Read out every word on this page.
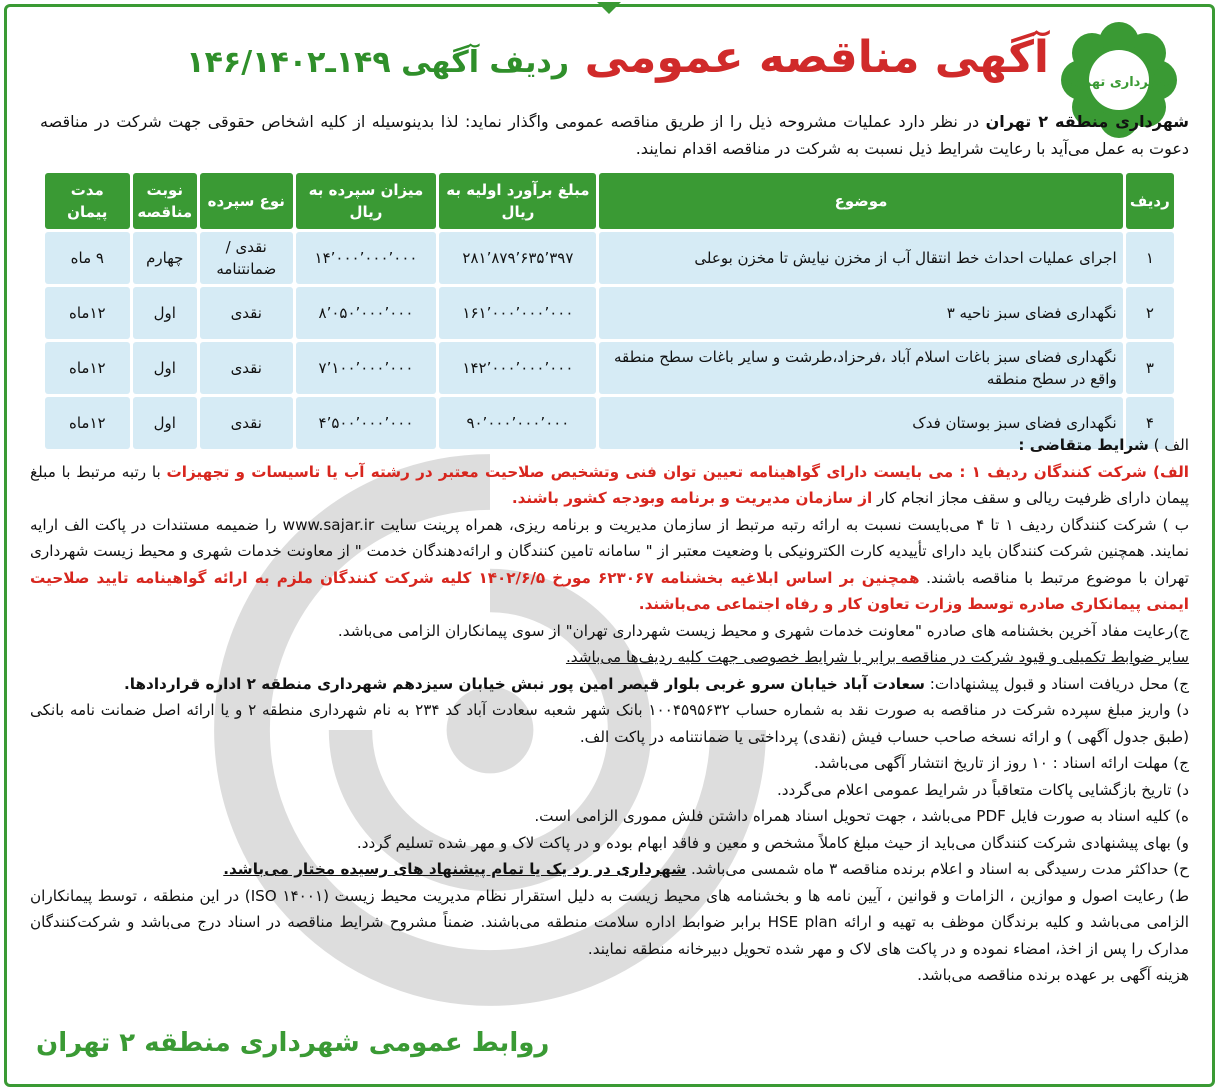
آگهی مناقصه عمومی ردیف آگهی ۱۴۹ـ۱۴۶/۱۴۰۲
شهرداری تهران
شهرداری منطقه ۲ تهران در نظر دارد عملیات مشروحه ذیل را از طریق مناقصه عمومی واگذار نماید: لذا بدینوسیله از کلیه اشخاص حقوقی جهت شرکت در مناقصه دعوت به عمل می‌آید با رعایت شرایط ذیل نسبت به شرکت در مناقصه اقدام نمایند.
ردیف	موضوع	مبلغ برآورد اولیه به ریال	میزان سپرده به ریال	نوع سپرده	نوبت مناقصه	مدت پیمان
۱	اجرای عملیات احداث خط انتقال آب از مخزن نیایش تا مخزن بوعلی	۲۸۱٬۸۷۹٬۶۳۵٬۳۹۷	۱۴٬۰۰۰٬۰۰۰٬۰۰۰	نقدی / ضمانتنامه	چهارم	۹ ماه
۲	نگهداری فضای سبز ناحیه ۳	۱۶۱٬۰۰۰٬۰۰۰٬۰۰۰	۸٬۰۵۰٬۰۰۰٬۰۰۰	نقدی	اول	۱۲ماه
۳	نگهداری فضای سبز باغات اسلام آباد ،فرحزاد،طرشت و سایر باغات سطح منطقه واقع در سطح منطقه	۱۴۲٬۰۰۰٬۰۰۰٬۰۰۰	۷٬۱۰۰٬۰۰۰٬۰۰۰	نقدی	اول	۱۲ماه
۴	نگهداری فضای سبز بوستان فدک	۹۰٬۰۰۰٬۰۰۰٬۰۰۰	۴٬۵۰۰٬۰۰۰٬۰۰۰	نقدی	اول	۱۲ماه

الف ) شرایط متقاضی :

الف) شرکت کنندگان ردیف ۱ : می بایست دارای گواهینامه تعیین توان فنی وتشخیص صلاحیت معتبر در رشته آب یا تاسیسات و تجهیزات با رتبه مرتبط با مبلغ پیمان دارای ظرفیت ریالی و سقف مجاز انجام کار از سازمان مدیریت و برنامه وبودجه کشور باشند.

ب ) شرکت کنندگان ردیف ۱ تا ۴ می‌بایست نسبت به ارائه رتبه مرتبط از سازمان مدیریت و برنامه ریزی، همراه پرینت سایت www.sajar.ir را ضمیمه مستندات در پاکت الف ارایه نمایند. همچنین شرکت کنندگان باید دارای تأییدیه کارت الکترونیکی با وضعیت معتبر از " سامانه تامین کنندگان و ارائه‌دهندگان خدمت " از معاونت خدمات شهری و محیط زیست شهرداری تهران با موضوع مرتبط با مناقصه باشند. همچنین بر اساس ابلاغیه بخشنامه ۶۲۳۰۶۷ مورخ ۱۴۰۲/۶/۵ کلیه شرکت کنندگان ملزم به ارائه گواهینامه تایید صلاحیت ایمنی پیمانکاری صادره توسط وزارت تعاون کار و رفاه اجتماعی می‌باشند.

ج)رعایت مفاد آخرین بخشنامه های صادره "معاونت خدمات شهری و محیط زیست شهرداری تهران" از سوی پیمانکاران الزامی می‌باشد.

سایر ضوابط تکمیلی و قیود شرکت در مناقصه برابر با شرایط خصوصی جهت کلیه ردیف‌ها می‌باشد.

ج) محل دریافت اسناد و قبول پیشنهادات: سعادت آباد خیابان سرو غربی بلوار قیصر امین پور نبش خیابان سیزدهم شهرداری منطقه ۲ اداره قراردادها.

د) واریز مبلغ سپرده شرکت در مناقصه به صورت نقد به شماره حساب ۱۰۰۴۵۹۵۶۳۲ بانک شهر شعبه سعادت آباد کد ۲۳۴ به نام شهرداری منطقه ۲ و یا ارائه اصل ضمانت نامه بانکی (طبق جدول آگهی ) و ارائه نسخه صاحب حساب فیش (نقدی) پرداختی یا ضمانتنامه در پاکت الف.

ج) مهلت ارائه اسناد : ۱۰ روز از تاریخ انتشار آگهی می‌باشد.

د) تاریخ بازگشایی پاکات متعاقباً در شرایط عمومی اعلام می‌گردد.

ه) کلیه اسناد به صورت فایل PDF می‌باشد ، جهت تحویل اسناد همراه داشتن فلش مموری الزامی است.

و) بهای پیشنهادی شرکت کنندگان می‌باید از حیث مبلغ کاملاً مشخص و معین و فاقد ابهام بوده و در پاکت لاک و مهر شده تسلیم گردد.

ح) حداکثر مدت رسیدگی به اسناد و اعلام برنده مناقصه ۳ ماه شمسی می‌باشد. شهرداری در رد یک یا تمام پیشنهاد های رسیده مختار می‌باشد.

ط) رعایت اصول و موازین ، الزامات و قوانین ، آیین نامه ها و بخشنامه های محیط زیست به دلیل استقرار نظام مدیریت محیط زیست (ISO ۱۴۰۰۱) در این منطقه ، توسط پیمانکاران الزامی می‌باشد و کلیه برندگان موظف به تهیه و ارائه HSE plan برابر ضوابط اداره سلامت منطقه می‌باشند. ضمناً مشروح شرایط مناقصه در اسناد درج می‌باشد و شرکت‌کنندگان مدارک را پس از اخذ، امضاء نموده و در پاکت های لاک و مهر شده تحویل دبیرخانه منطقه نمایند.

هزینه آگهی بر عهده برنده مناقصه می‌باشد.

روابط عمومی شهرداری منطقه ۲ تهران
